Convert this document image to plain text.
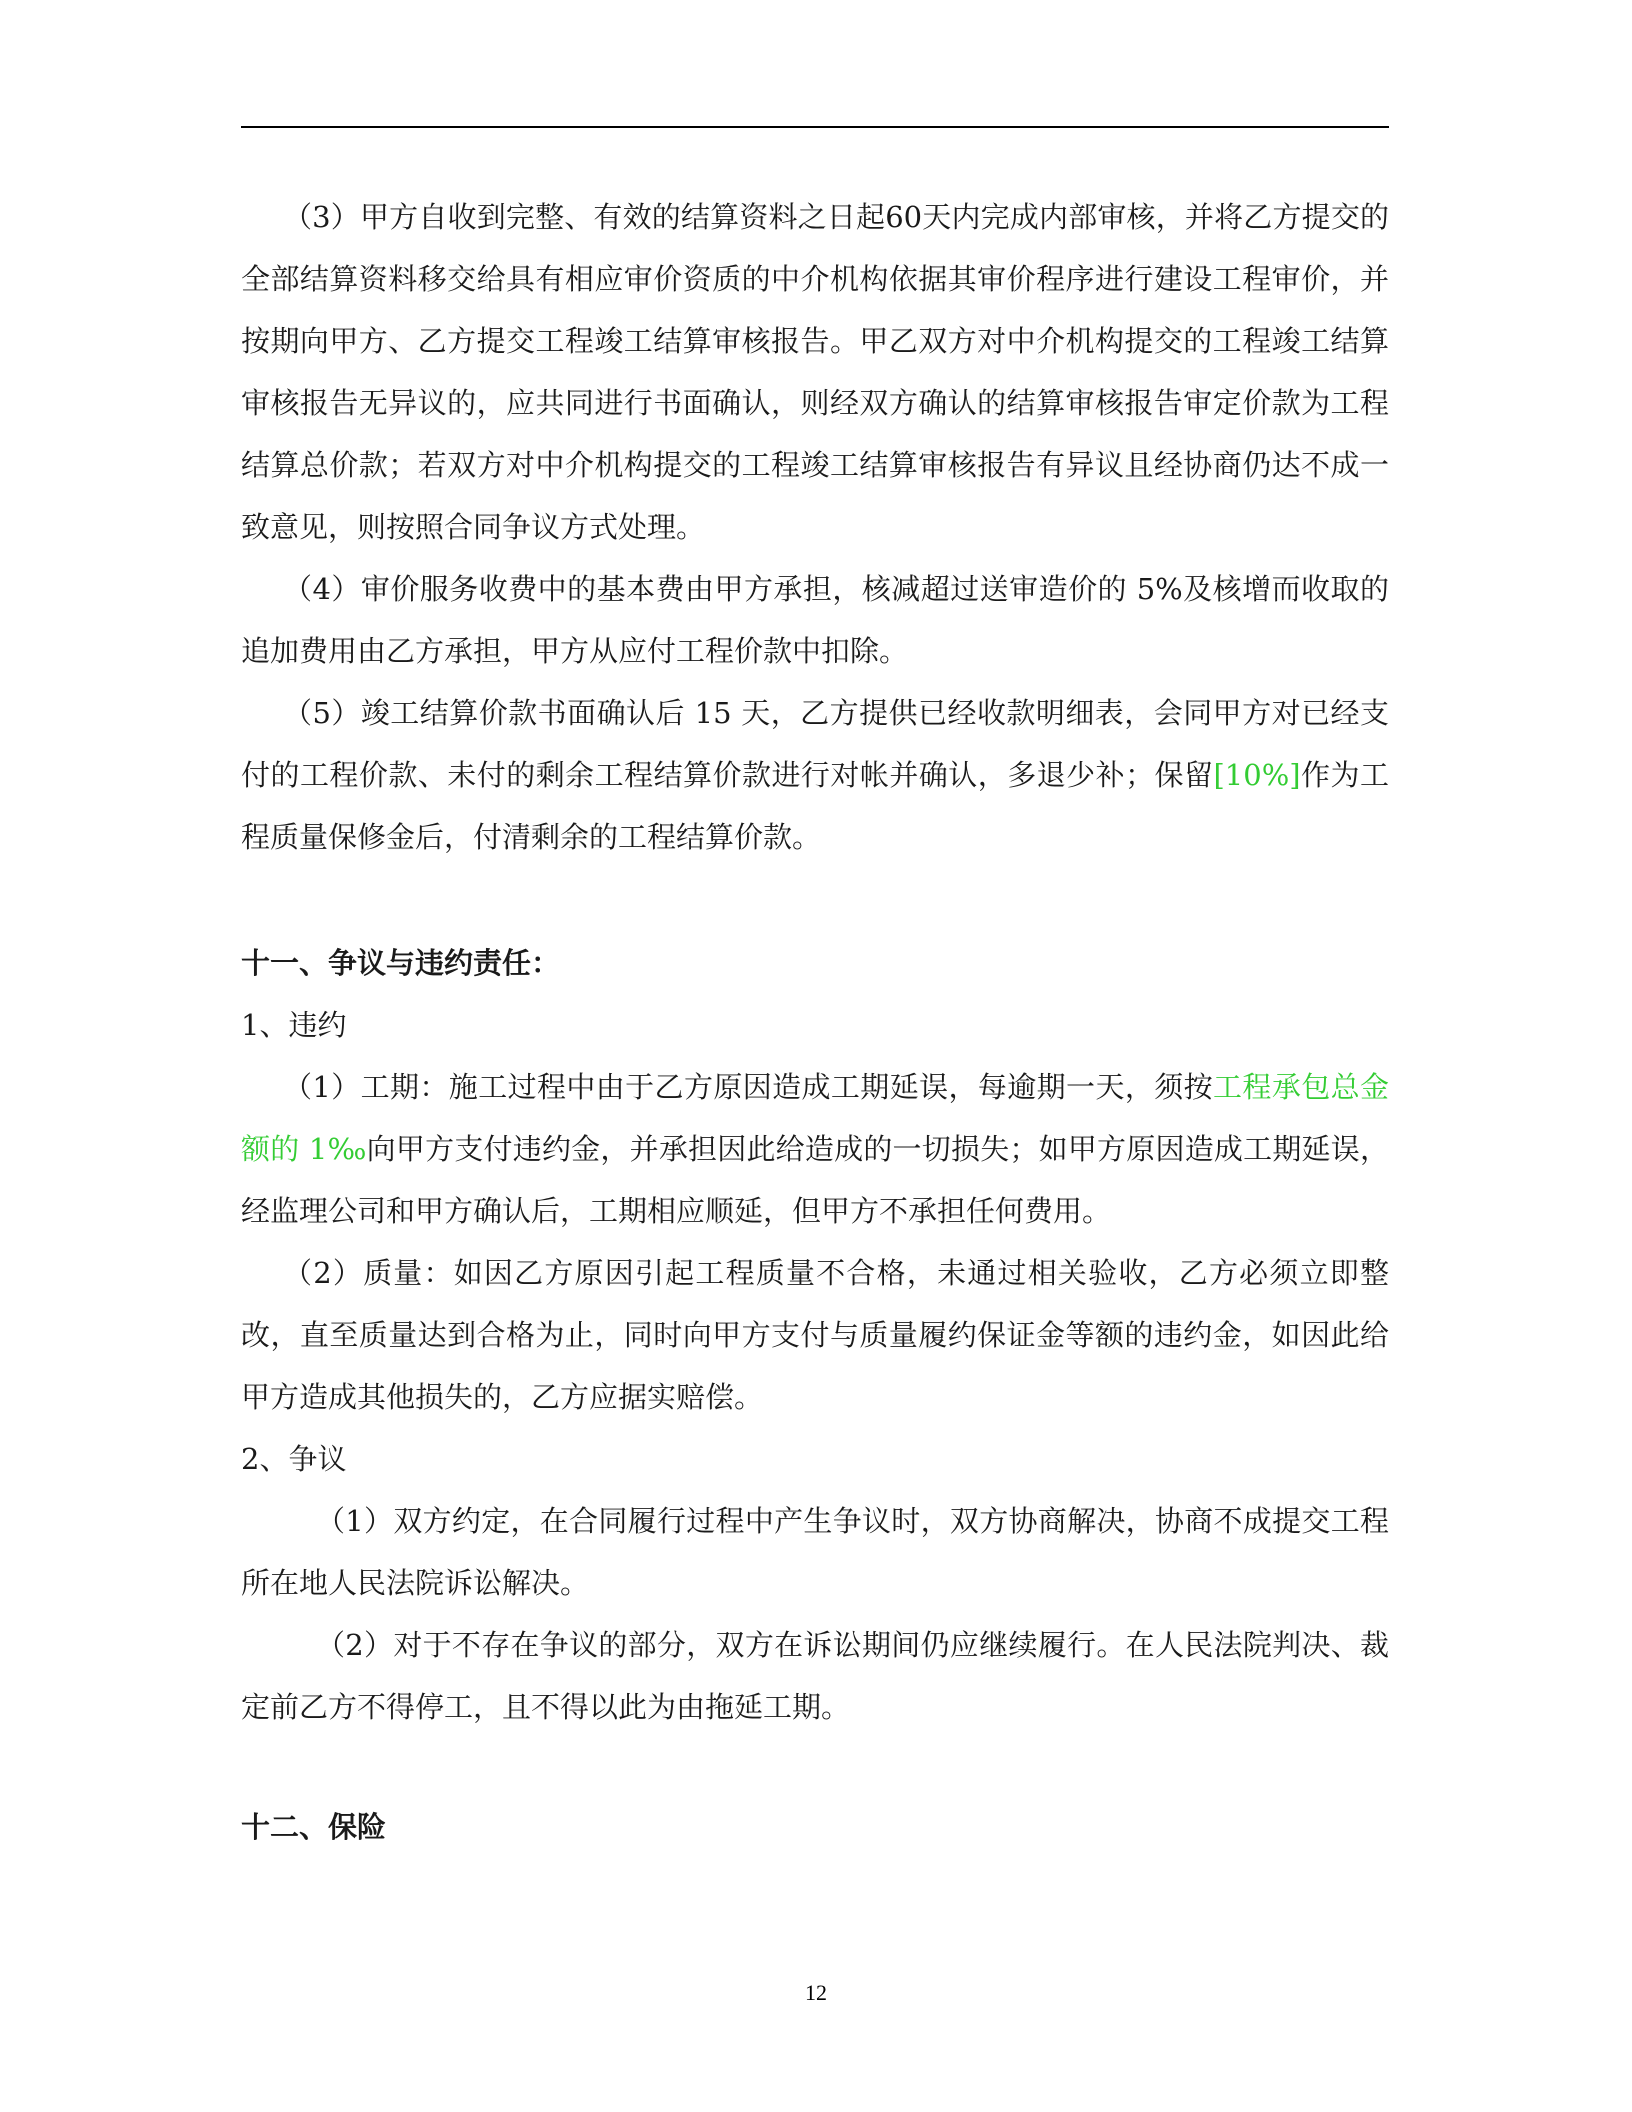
（3）甲方自收到完整、有效的结算资料之日起60天内完成内部审核，并将乙方提交的全部结算资料移交给具有相应审价资质的中介机构依据其审价程序进行建设工程审价，并按期向甲方、乙方提交工程竣工结算审核报告。甲乙双方对中介机构提交的工程竣工结算审核报告无异议的，应共同进行书面确认，则经双方确认的结算审核报告审定价款为工程结算总价款；若双方对中介机构提交的工程竣工结算审核报告有异议且经协商仍达不成一致意见，则按照合同争议方式处理。

（4）审价服务收费中的基本费由甲方承担，核减超过送审造价的 5%及核增而收取的追加费用由乙方承担，甲方从应付工程价款中扣除。

（5）竣工结算价款书面确认后 15 天，乙方提供已经收款明细表，会同甲方对已经支付的工程价款、未付的剩余工程结算价款进行对帐并确认，多退少补；保留[10%]作为工程质量保修金后，付清剩余的工程结算价款。

十一、争议与违约责任：

1、违约

（1）工期：施工过程中由于乙方原因造成工期延误，每逾期一天，须按工程承包总金额的 1‰向甲方支付违约金，并承担因此给造成的一切损失；如甲方原因造成工期延误，经监理公司和甲方确认后，工期相应顺延，但甲方不承担任何费用。

（2）质量：如因乙方原因引起工程质量不合格，未通过相关验收，乙方必须立即整改，直至质量达到合格为止，同时向甲方支付与质量履约保证金等额的违约金，如因此给甲方造成其他损失的，乙方应据实赔偿。

2、争议

（1）双方约定，在合同履行过程中产生争议时，双方协商解决，协商不成提交工程所在地人民法院诉讼解决。

（2）对于不存在争议的部分，双方在诉讼期间仍应继续履行。在人民法院判决、裁定前乙方不得停工，且不得以此为由拖延工期。

十二、保险

12
